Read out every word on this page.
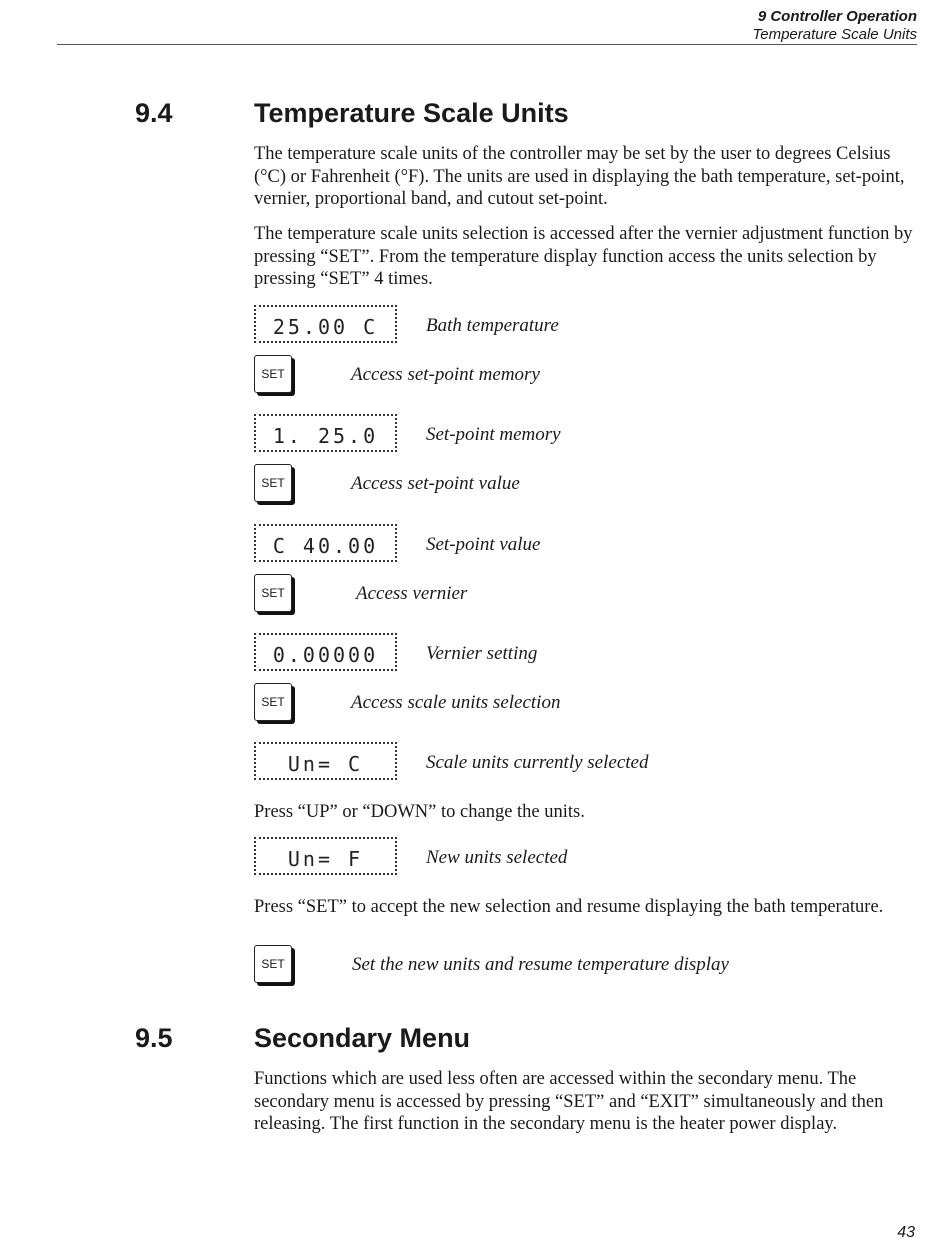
9 Controller Operation
Temperature Scale Units
9.4	Temperature Scale Units

The temperature scale units of the controller may be set by the user to degrees Celsius (°C) or Fahrenheit (°F). The units are used in displaying the bath temperature, set-point, vernier, proportional band, and cutout set-point.

The temperature scale units selection is accessed after the vernier adjustment function by pressing “SET”. From the temperature display function access the units selection by pressing “SET” 4 times.

25.00 C	Bath temperature
SET	Access set-point memory
1. 25.0	Set-point memory
SET	Access set-point value
C 40.00	Set-point value
SET	Access vernier
0.00000	Vernier setting
SET	Access scale units selection
Un= C	Scale units currently selected

Press “UP” or “DOWN” to change the units.

Un= F	New units selected

Press “SET” to accept the new selection and resume displaying the bath temperature.

SET	Set the new units and resume temperature display
9.5	Secondary Menu

Functions which are used less often are accessed within the secondary menu. The secondary menu is accessed by pressing “SET” and “EXIT” simultaneously and then releasing. The first function in the secondary menu is the heater power display.

43
